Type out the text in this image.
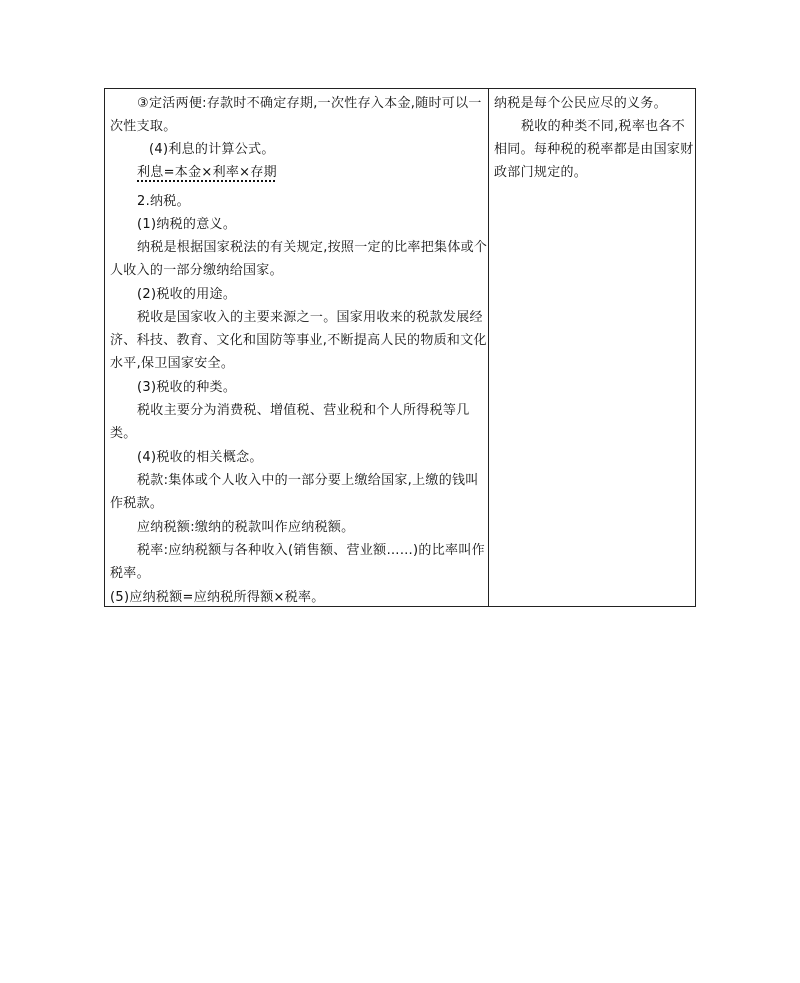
③定活两便:存款时不确定存期,一次性存入本金,随时可以一
次性支取。
(4)利息的计算公式。
利息=本金×利率×存期
2.纳税。
(1)纳税的意义。
纳税是根据国家税法的有关规定,按照一定的比率把集体或个
人收入的一部分缴纳给国家。
(2)税收的用途。
税收是国家收入的主要来源之一。国家用收来的税款发展经
济、科技、教育、文化和国防等事业,不断提高人民的物质和文化
水平,保卫国家安全。
(3)税收的种类。
税收主要分为消费税、增值税、营业税和个人所得税等几
类。
(4)税收的相关概念。
税款:集体或个人收入中的一部分要上缴给国家,上缴的钱叫
作税款。
应纳税额:缴纳的税款叫作应纳税额。
税率:应纳税额与各种收入(销售额、营业额……)的比率叫作
税率。
(5)应纳税额=应纳税所得额×税率。
纳税是每个公民应尽的义务。
税收的种类不同,税率也各不
相同。每种税的税率都是由国家财
政部门规定的。
